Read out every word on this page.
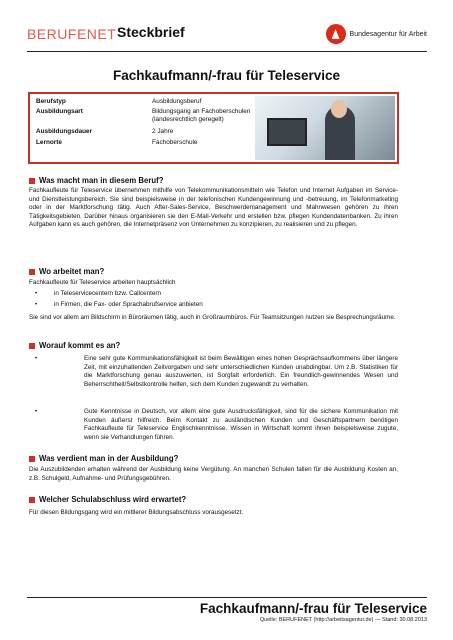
BERUFENET Steckbrief	Bundesagentur für Arbeit
Fachkaufmann/-frau für Teleservice
Berufstyp	Ausbildungsberuf
Ausbildungsart	Bildungsgang an Fachoberschulen (landesrechtlich geregelt)
Ausbildungsdauer	2 Jahre
Lernorte	Fachoberschule
Was macht man in diesem Beruf?
Fachkaufleute für Teleservice übernehmen mithilfe von Telekommunikationsmitteln wie Telefon und Internet Aufgaben im Service- und Dienstleistungsbereich. Sie sind beispielsweise in der telefonischen Kundengewinnung und -betreuung, im Telefonmarketing oder in der Marktforschung tätig. Auch After-Sales-Service, Beschwerdemanagement und Mahnwesen gehören zu ihren Tätigkeitsgebieten. Darüber hinaus organisieren sie den E-Mail-Verkehr und erstellen bzw. pflegen Kundendatenbanken. Zu ihren Aufgaben kann es auch gehören, die Internetpräsenz von Unternehmen zu konzipieren, zu realisieren und zu pflegen.
Wo arbeitet man?
Fachkaufleute für Teleservice arbeiten hauptsächlich
•	in Teleservicecentern bzw. Callcentern
•	in Firmen, die Fax- oder Sprachabrufservice anbieten
Sie sind vor allem am Bildschirm in Büroräumen tätig, auch in Großraumbüros. Für Teamsitzungen nutzen sie Besprechungsräume.
Worauf kommt es an?
•	Eine sehr gute Kommunikationsfähigkeit ist beim Bewältigen eines hohen Gesprächsaufkommens über längere Zeit, mit einzuhaltenden Zeitvorgaben und sehr unterschiedlichen Kunden unabdingbar. Um z.B. Statistiken für die Marktforschung genau auszuwerten, ist Sorgfalt erforderlich. Ein freundlich-gewinnendes Wesen und Beherrschtheit/Selbstkontrolle helfen, sich dem Kunden zugewandt zu verhalten.
•	Gute Kenntnisse in Deutsch, vor allem eine gute Ausdrucksfähigkeit, sind für die sichere Kommunikation mit Kunden äußerst hilfreich. Beim Kontakt zu ausländischen Kunden und Geschäftspartnern benötigen Fachkaufleute für Teleservice Englischkenntnisse. Wissen in Wirtschaft kommt ihnen beispielsweise zugute, wenn sie Verhandlungen führen.
Was verdient man in der Ausbildung?
Die Auszubildenden erhalten während der Ausbildung keine Vergütung. An manchen Schulen fallen für die Ausbildung Kosten an, z.B. Schulgeld, Aufnahme- und Prüfungsgebühren.
Welcher Schulabschluss wird erwartet?
Für diesen Bildungsgang wird ein mittlerer Bildungsabschluss vorausgesetzt.
Fachkaufmann/-frau für Teleservice
Quelle: BERUFENET (http://arbeitsagentur.de) — Stand: 30.08.2013
